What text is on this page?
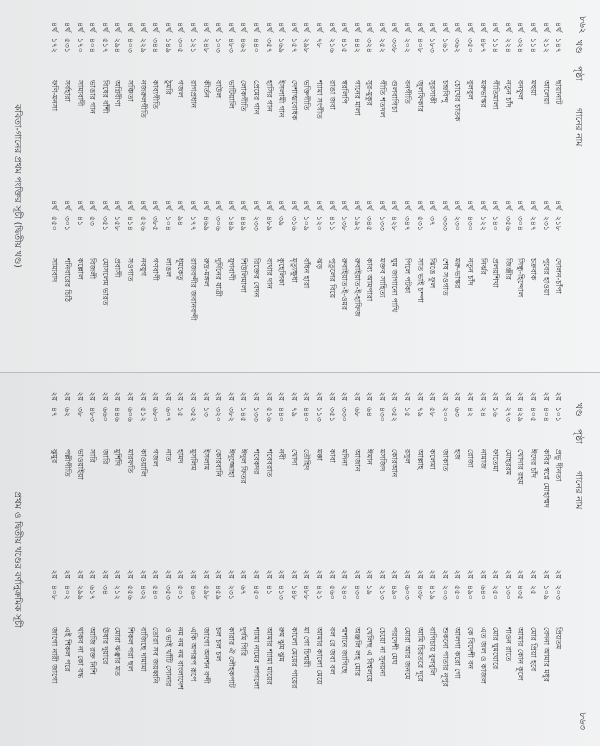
৮৬২
খণ্ড
পৃষ্ঠা
গানের নাম
৪র্থ
১৪৭
ছায়ানাট
৪র্থ
২১২
আলেয়া
৪র্থ
১১৪
মহুয়া
৪র্থ
৩২৪
বনফুল
৪র্থ
২২৪
নতুন চাঁদ
৪র্থ
১১৪
গীতিমালা
৪র্থ
৪৮৭
মরুভাস্কর
৪র্থ
৩৫০
বুলবুল
৪র্থ
৩৬২
চোখের চাতক
৪র্থ
১৬১
চন্দ্রবিন্দু
৪র্থ
১৮৩
সুরসাকী
৪র্থ
৪০৮
জুলফিকার
৪র্থ
২০২
বনগীতি
৪র্থ
৩৩৮
গুলবাগিচা
৪র্থ
২৫২
গীতি শতদল
৪র্থ
৩২৪
সুর-মুকুর
৪র্থ
৪৪২
গানের মালা
৪র্থ
৪১৫
স্বরলিপি
৪র্থ
২১৬
রাঙা জবা
৪র্থ
৭৮
শ্যামা সংগীত
৪র্থ
২৯৮
ভক্তিগীতি
৪র্থ
১৫৭
দেশাত্মবোধক
৪র্থ
১৬৯
ইসলামী গান
৪র্থ
৩৫৭
হাসির গান
৪র্থ
৪৪০
প্রেমের গান
৪র্থ
৪৬২
লোকগীতি
৪র্থ
৪৮৩
ভাটিয়ালি
৪র্থ
১০৩
বাউল
৪র্থ
২৪৮
কীর্তন
৪র্থ
১২১
রাগপ্রধান
৪র্থ
৩০৫
গজল
৪র্থ
১৪৯
ঠুমরি
৪র্থ
৩৪৪
কাব্যগীতি
৪র্থ
২২৯
নজরুলগীতি
৪র্থ
৪০৩
সঞ্চিতা
৪র্থ
২৯৪
অগ্নিবীণা
৪র্থ
৫১৭
বিষের বাঁশী
৪র্থ
৪০৪
ভাঙার গান
৪র্থ
১৭০
সাম্যবাদী
৪র্থ
৫৩১
সর্বহারা
৪র্থ
১৭২
ফণি-মনসা
৪র্থ
২১৮
দোলন-চাঁপা
৪র্থ
২৩১
পুবের হাওয়া
৪র্থ
২৪৭
চক্রবাক
৪র্থ
৩০৪
সিন্ধু-হিন্দোল
৪র্থ
৩৫৬
জিঞ্জীর
৪র্থ
১৪০
প্রলয়শিখা
৪র্থ
১২২
নির্ঝর
৪র্থ
৪৩০
নতুন চাঁদ
৪র্থ
২৩০
মরু-ভাস্কর
৪র্থ
৩৩৩
শেষ সওগাত
৪র্থ
৩৭
ঝিঙে ফুল
৪র্থ
৫৩১
সাত ভাই চম্পা
৪র্থ
৩৪৭
পিলে পটকা
৪র্থ
৪২৮
ঘুম জাগানো পাখি
৪র্থ
১৩৩
মক্তব সাহিত্য
৪র্থ
৩৪৫
কাব্য আমপারা
৪র্থ
১৯২
রুবাইয়াত-ই-হাফিজ
৪র্থ
১৩৮
রুবাইয়াত-ই-ওমর
৪র্থ
৪১১
পুতুলের বিয়ে
৪র্থ
১২০
ঝড়
৪র্থ
১০৯
বাঁধন হারা
৪র্থ
৩১৬
মৃত্যুক্ষুধা
৪র্থ
৩৯
কুহেলিকা
৪র্থ
৪৮৯
ব্যথার দান
৪র্থ
২৩৩
রিক্তের বেদন
৪র্থ
৪৪৯
শিউলিমালা
৪র্থ
১৪৯
যুগবাণী
৪র্থ
৩০৬
দুর্দিনের যাত্রী
৪র্থ
৪৬৯
রুদ্র-মঙ্গল
৪র্থ
১৭৭
রাজবন্দীর জবানবন্দী
৪র্থ
৯৪
ধূমকেতু
৪র্থ
১০৪
লাঙল
৪র্থ
৩৮৫
গণবাণী
৪র্থ
৫২৬
নবযুগ
৪র্থ
৪১৪
সওগাত
৪র্থ
১৫৮
প্রবাসী
৪র্থ
৩৫১
মোসলেম ভারত
৪র্থ
৫৩
বিজলী
৪র্থ
৪১
কল্লোল
৪র্থ
৩০১
শনিবারের চিঠি
৪র্থ
৫৫০
সাম্যবাদ
কবিতা-গানের প্রথম পংক্তির সূচী (দ্বিতীয় খণ্ড)
৮৬৩
খণ্ড
পৃষ্ঠা
গানের নাম
২য়
১০১
প্রভু দীনতা
২য়
৪০৪
কবির স্বপ্নে মোহাম্মদ
২য়
৪০৫
ঈদের চাঁদ
২য়
৪২৯
খোদার রহম
২য়
২৭৩
মোহররম
২য়
১৬
ফাতেমা
২য়
২৪
নামাজ
২য়
৪২
রোজা
২য়
৬৩
হজ
২য়
২০০
জাকাত
২য়
৫৮
কলেমা
২য়
৭৯
আল্লাহ
২য়
১৫
রসুল
২য়
৩৫২
কোরআন
২য়
৪৩০
মসজিদ
২য়
৬৪
ঈমান
২য়
৬৮
আজান
২য়
৩৩০
মদিনা
২য়
৩৫১
কাবা
২য়
১১৩
মক্কা
২য়
৪৪০
তৌহিদ
২য়
৭৯
খোদা
২য়
৪৪০
নবী
২য়
৫১৬
শবেবরাত
২য়
১৩৩
শবেকদর
২য়
১৪৫
ঈদুল ফিতর
২য়
৩৮২
ঈদুজ্জোহা
২য়
৩২০
কোরবানি
২য়
১৩
ইসলাম
২য়
৩৫২
মুসলিম
২য়
১৫
হামদ
২য়
৬০৭
নাত
২য়
৬৮০
গজল
২য়
৫১২
কাওয়ালি
২য়
৬০৬
মারফতি
২য়
৪৪৬
মুর্শিদি
২য়
৬৬০
জারি
২য়
৪৮৩
সারি
২য়
৩৮
ভাওয়াইয়া
২য়
৬২
পল্লীগীতি
২য়
৪৭
ঝুমুর
২য়
২০৩
প্রিয়তম
২য়
১০৯
বেদনা আমার মধুর
২য়
২৫
মোর প্রিয়া হবে
২য়
৪৩৫
আমার কোন কূলে
২য়
১৩০
শাওন রাতে
২য়
২৫০
মোর ঘুমঘোরে
২য়
৬৪০
এত জল ও কাজল
২য়
৪৯০
কে বিদেশী বন
২য়
৫৫০
আলগা করো গো
২য়
২০৩
শুকনো পাতার নূপুর
২য়
৪১৯
বাগিচায় বুলবুলি
২য়
৪৩৮
আমি চিরতরে দূরে
২য়
৬০৩
মোরা আর জনমে
২য়
৪৯০
পরদেশী মেঘ
২য়
২১৩
চেয়ো না সুনয়না
২য়
১৯
খেলিছ এ বিশ্বলয়ে
২য়
৪৩০
অঞ্জলি লহ মোর
২য়
২৪০
শ্মশানে জাগিছে
২য়
৫৬০
বল রে জবা বল
২য়
৪২১
আমার কালো মেয়ে
২য়
৪৮৮
মা গো চিন্ময়ী
২য়
১৪৮
কালো মেয়ের পায়ের
২য়
৪১৩
রুম ঝুম ঝুম
২য়
৪১
আমার শ্যামা মায়ের
২য়
৪৫০
শ্যামা নামের লাগলো
২য়
৬৭
দুর্গম গিরি
২য়
২৩১
কারার ঐ লৌহকপাট
২য়
৪৫৯
চল চল চল
২য়
৫৯৮
জাগো অনশন বন্দী
২য়
৪৬০
একি অপরূপ রূপে
২য়
৫০১
নম নম নম বাংলাদেশ
২য়
৩৫৩
ও ভাই খাঁটি সোনার
২য়
৫৪০
তোরা সব জয়ধ্বনি
২য়
৪৩২
বাজিছে দামামা
২য়
৫৫৬
শিকল পরা ছল
২য়
২১২
মোরা ঝঞ্ঝার মত
২য়
৩৪
ঊষার দুয়ারে
২য়
৬১৭
আজি রক্ত নিশি
২য়
২৯৯
থাকব না কো বদ্ধ
২য়
৪০২
এই শিকল পরে
২য়
৪০৮
জাগো নারী জাগো
প্রথম ও দ্বিতীয় খণ্ডের বর্ণানুক্রমিক সূচী
